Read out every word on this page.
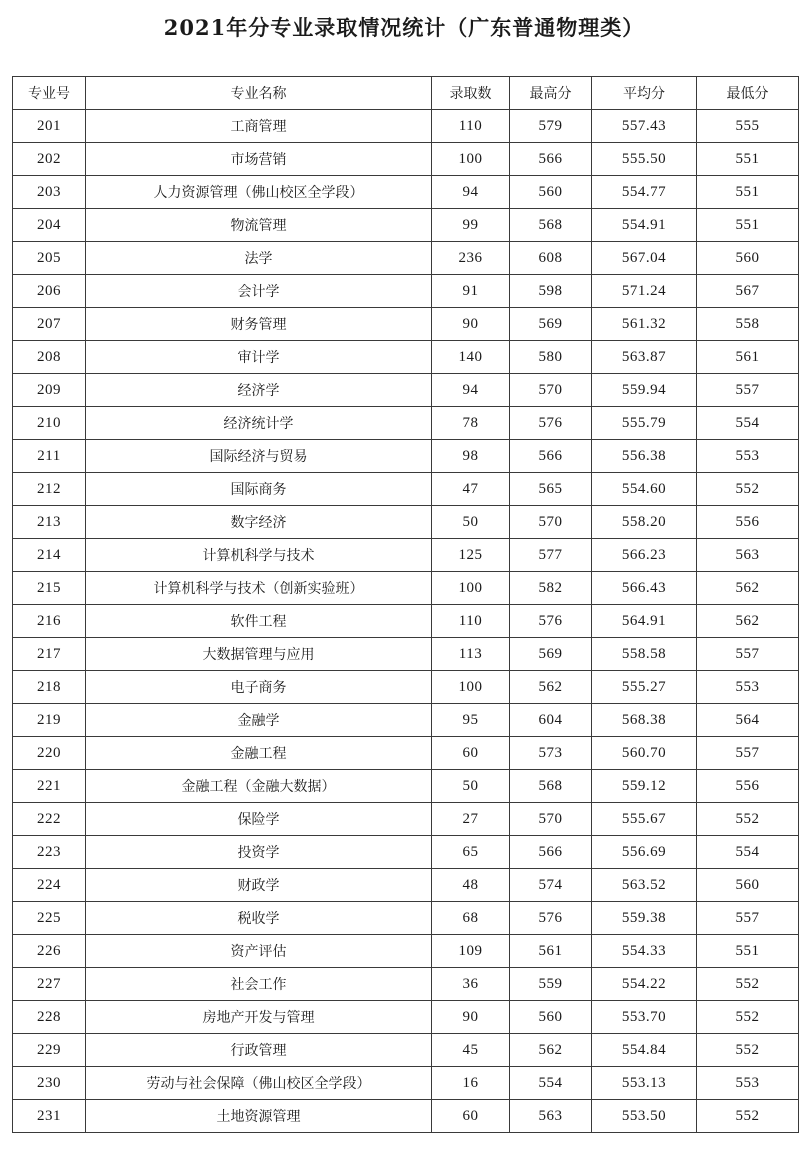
2021年分专业录取情况统计（广东普通物理类）
专业号	专业名称	录取数	最高分	平均分	最低分
201	工商管理	110	579	557.43	555
202	市场营销	100	566	555.50	551
203	人力资源管理（佛山校区全学段）	94	560	554.77	551
204	物流管理	99	568	554.91	551
205	法学	236	608	567.04	560
206	会计学	91	598	571.24	567
207	财务管理	90	569	561.32	558
208	审计学	140	580	563.87	561
209	经济学	94	570	559.94	557
210	经济统计学	78	576	555.79	554
211	国际经济与贸易	98	566	556.38	553
212	国际商务	47	565	554.60	552
213	数字经济	50	570	558.20	556
214	计算机科学与技术	125	577	566.23	563
215	计算机科学与技术（创新实验班）	100	582	566.43	562
216	软件工程	110	576	564.91	562
217	大数据管理与应用	113	569	558.58	557
218	电子商务	100	562	555.27	553
219	金融学	95	604	568.38	564
220	金融工程	60	573	560.70	557
221	金融工程（金融大数据）	50	568	559.12	556
222	保险学	27	570	555.67	552
223	投资学	65	566	556.69	554
224	财政学	48	574	563.52	560
225	税收学	68	576	559.38	557
226	资产评估	109	561	554.33	551
227	社会工作	36	559	554.22	552
228	房地产开发与管理	90	560	553.70	552
229	行政管理	45	562	554.84	552
230	劳动与社会保障（佛山校区全学段）	16	554	553.13	553
231	土地资源管理	60	563	553.50	552
